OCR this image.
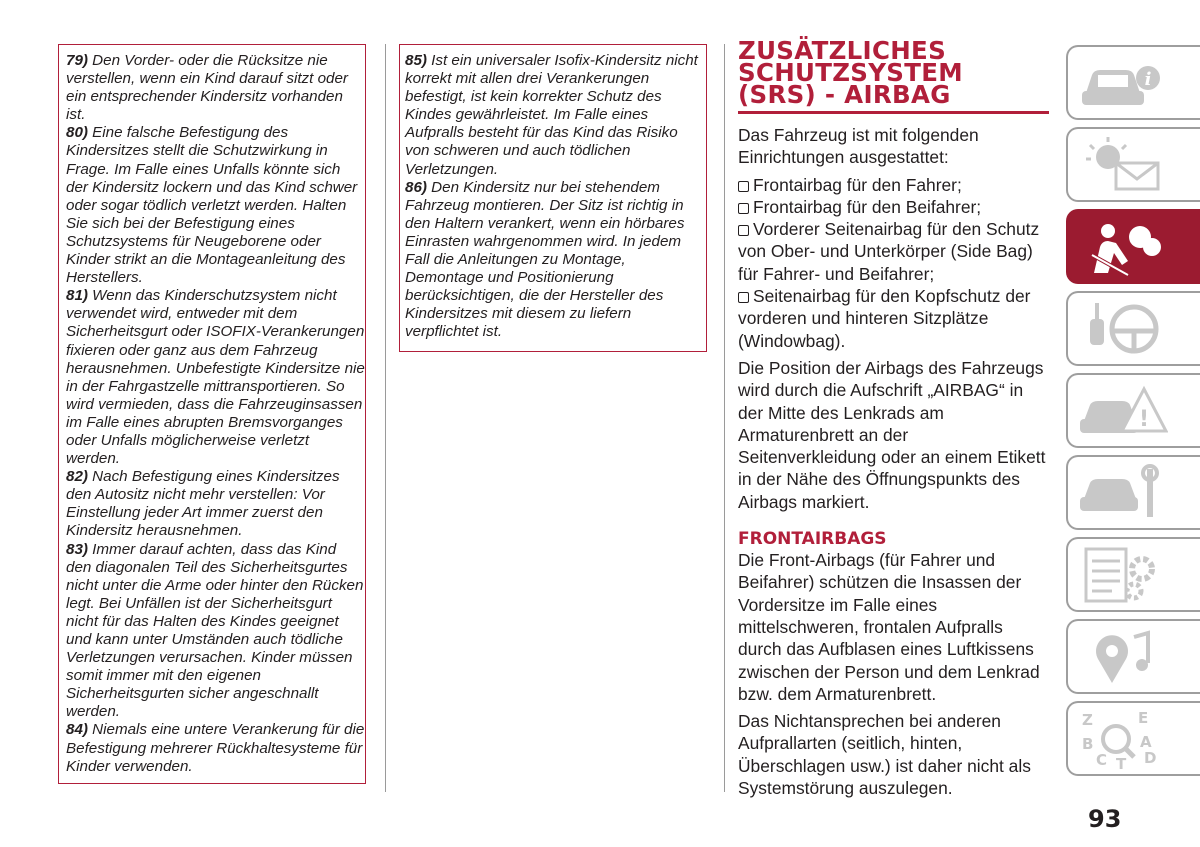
79) Den Vorder- oder die Rücksitze nie verstellen, wenn ein Kind darauf sitzt oder ein entsprechender Kindersitz vorhanden ist.

80) Eine falsche Befestigung des Kindersitzes stellt die Schutzwirkung in Frage. Im Falle eines Unfalls könnte sich der Kindersitz lockern und das Kind schwer oder sogar tödlich verletzt werden. Halten Sie sich bei der Befestigung eines Schutzsystems für Neugeborene oder Kinder strikt an die Montageanleitung des Herstellers.

81) Wenn das Kinderschutzsystem nicht verwendet wird, entweder mit dem Sicherheitsgurt oder ISOFIX-Verankerungen fixieren oder ganz aus dem Fahrzeug herausnehmen. Unbefestigte Kindersitze nie in der Fahrgastzelle mittransportieren. So wird vermieden, dass die Fahrzeuginsassen im Falle eines abrupten Bremsvorganges oder Unfalls möglicherweise verletzt werden.

82) Nach Befestigung eines Kindersitzes den Autositz nicht mehr verstellen: Vor Einstellung jeder Art immer zuerst den Kindersitz herausnehmen.

83) Immer darauf achten, dass das Kind den diagonalen Teil des Sicherheitsgurtes nicht unter die Arme oder hinter den Rücken legt. Bei Unfällen ist der Sicherheitsgurt nicht für das Halten des Kindes geeignet und kann unter Umständen auch tödliche Verletzungen verursachen. Kinder müssen somit immer mit den eigenen Sicherheitsgurten sicher angeschnallt werden.

84) Niemals eine untere Verankerung für die Befestigung mehrerer Rückhaltesysteme für Kinder verwenden.

85) Ist ein universaler Isofix-Kindersitz nicht korrekt mit allen drei Verankerungen befestigt, ist kein korrekter Schutz des Kindes gewährleistet. Im Falle eines Aufpralls besteht für das Kind das Risiko von schweren und auch tödlichen Verletzungen.

86) Den Kindersitz nur bei stehendem Fahrzeug montieren. Der Sitz ist richtig in den Haltern verankert, wenn ein hörbares Einrasten wahrgenommen wird. In jedem Fall die Anleitungen zu Montage, Demontage und Positionierung berücksichtigen, die der Hersteller des Kindersitzes mit diesem zu liefern verpflichtet ist.

ZUSÄTZLICHES
SCHUTZSYSTEM
(SRS) - AIRBAG

Das Fahrzeug ist mit folgenden Einrichtungen ausgestattet:

Frontairbag für den Fahrer;
Frontairbag für den Beifahrer;
Vorderer Seitenairbag für den Schutz von Ober- und Unterkörper (Side Bag) für Fahrer- und Beifahrer;
Seitenairbag für den Kopfschutz der vorderen und hinteren Sitzplätze (Windowbag).

Die Position der Airbags des Fahrzeugs wird durch die Aufschrift „AIRBAG“ in der Mitte des Lenkrads am Armaturenbrett an der Seitenverkleidung oder an einem Etikett in der Nähe des Öffnungspunkts des Airbags markiert.

FRONTAIRBAGS

Die Front-Airbags (für Fahrer und Beifahrer) schützen die Insassen der Vordersitze im Falle eines mittelschweren, frontalen Aufpralls durch das Aufblasen eines Luftkissens zwischen der Person und dem Lenkrad bzw. dem Armaturenbrett.

Das Nichtansprechen bei anderen Aufprallarten (seitlich, hinten, Überschlagen usw.) ist daher nicht als Systemstörung auszulegen.

i
!
Z	E
B	A
C T D
93
